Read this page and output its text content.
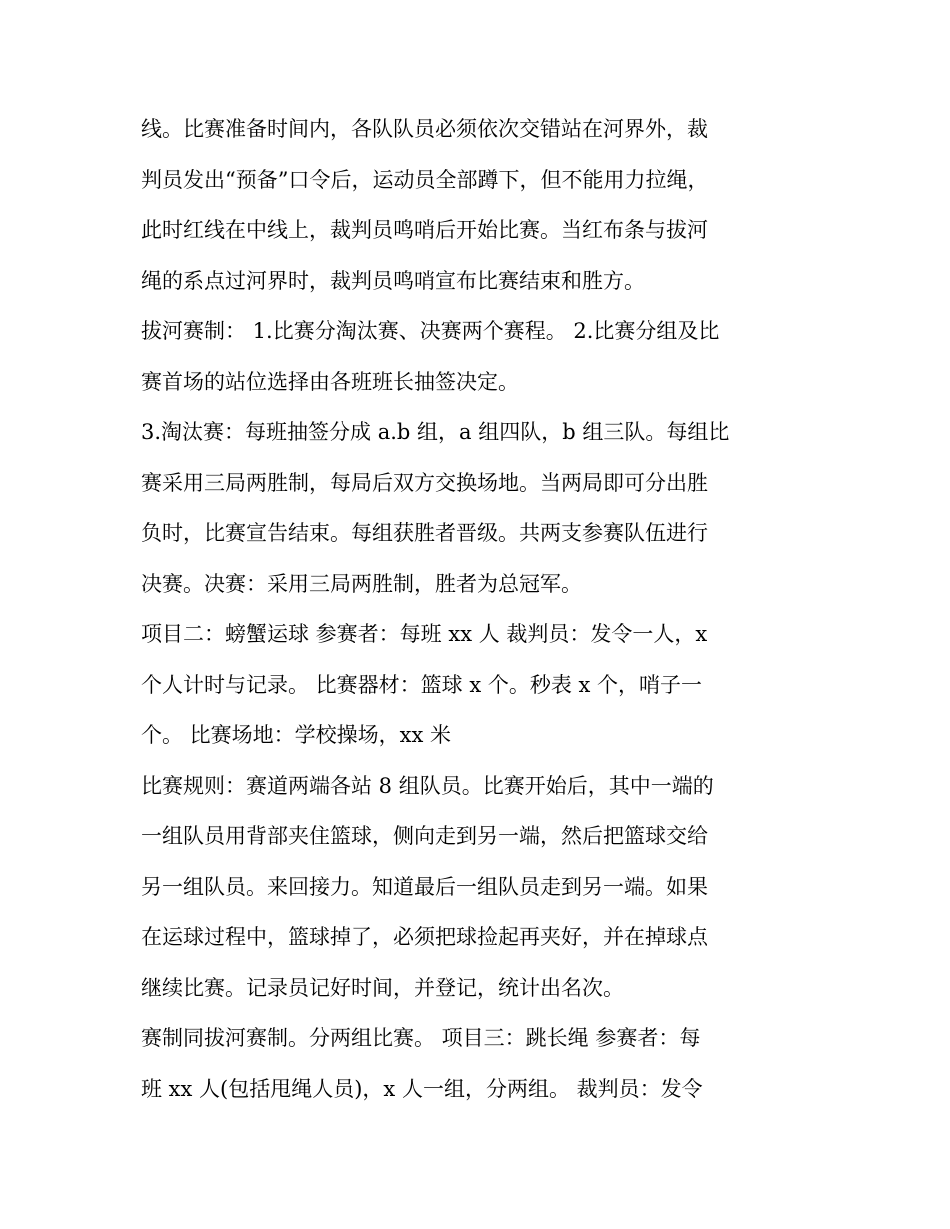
线。比赛准备时间内，各队队员必须依次交错站在河界外，裁
判员发出“预备”口令后，运动员全部蹲下，但不能用力拉绳，
此时红线在中线上，裁判员鸣哨后开始比赛。当红布条与拔河
绳的系点过河界时，裁判员鸣哨宣布比赛结束和胜方。
拔河赛制： 1.比赛分淘汰赛、决赛两个赛程。 2.比赛分组及比
赛首场的站位选择由各班班长抽签决定。
3.淘汰赛：每班抽签分成 a.b 组，a 组四队，b 组三队。每组比
赛采用三局两胜制，每局后双方交换场地。当两局即可分出胜
负时，比赛宣告结束。每组获胜者晋级。共两支参赛队伍进行
决赛。决赛：采用三局两胜制，胜者为总冠军。
项目二：螃蟹运球 参赛者：每班 xx 人 裁判员：发令一人，x
个人计时与记录。 比赛器材：篮球 x 个。秒表 x 个，哨子一
个。 比赛场地：学校操场，xx 米
比赛规则：赛道两端各站 8 组队员。比赛开始后，其中一端的
一组队员用背部夹住篮球，侧向走到另一端，然后把篮球交给
另一组队员。来回接力。知道最后一组队员走到另一端。如果
在运球过程中，篮球掉了，必须把球捡起再夹好，并在掉球点
继续比赛。记录员记好时间，并登记，统计出名次。
赛制同拔河赛制。分两组比赛。 项目三：跳长绳 参赛者：每
班 xx 人(包括甩绳人员)，x 人一组，分两组。 裁判员：发令
